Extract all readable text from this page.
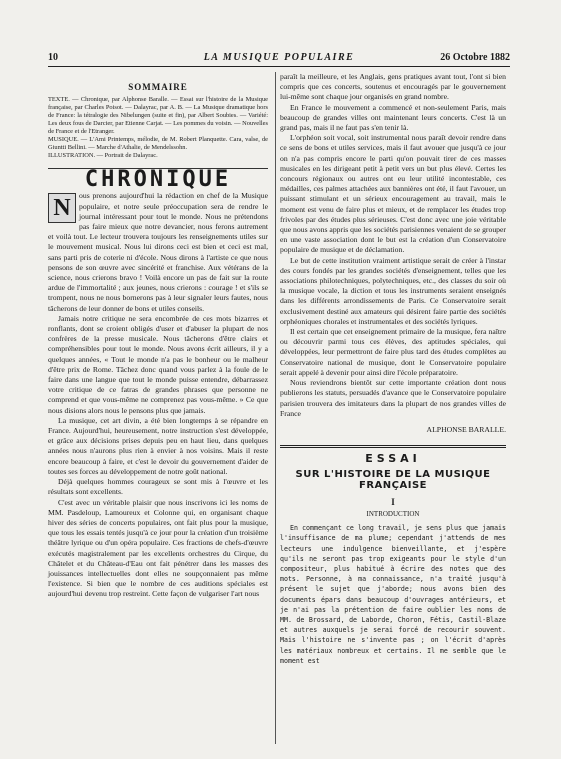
10	LA MUSIQUE POPULAIRE	26 Octobre 1882
SOMMAIRE

TEXTE. — Chronique, par Alphonse Baralle. — Essai sur l'histoire de la Musique française, par Charles Poisot. — Dalayrac, par A. B. — La Musique dramatique hors de France: la tétralogie des Nibelungen (suite et fin), par Albert Soubies. — Variété: Les deux fous de Darcier, par Etienne Carjat. — Les pommes du voisin. — Nouvelles de France et de l'Etranger.

MUSIQUE. — L'Ami Printemps, mélodie, de M. Robert Planquette. Cara, valse, de Giuntti Bellini. — Marche d'Athalie, de Mendelssohn.

ILLUSTRATION. — Portrait de Dalayrac.

CHRONIQUE

N	ous prenons aujourd'hui la rédaction en chef de la Musique populaire, et notre seule préoccupation sera de rendre le journal intéressant pour tout le monde. Nous ne prétendons pas faire mieux que notre devancier, nous ferons autrement et voilà tout. Le lecteur trouvera toujours les renseignements utiles sur le mouvement musical. Nous lui dirons ceci est bien et ceci est mal, sans parti pris de coterie ni d'école. Nous dirons à l'artiste ce que nous pensons de son œuvre avec sincérité et franchise. Aux vétérans de la science, nous crierons bravo ! Voilà encore un pas de fait sur la route ardue de l'immortalité ; aux jeunes, nous crierons : courage ! et s'ils se trompent, nous ne nous bornerons pas à leur signaler leurs fautes, nous tâcherons de leur donner de bons et utiles conseils.

Jamais notre critique ne sera encombrée de ces mots bizarres et ronflants, dont se croient obligés d'user et d'abuser la plupart de nos confrères de la presse musicale. Nous tâcherons d'être clairs et compréhensibles pour tout le monde. Nous avons écrit ailleurs, il y a quelques années, « Tout le monde n'a pas le bonheur ou le malheur d'être prix de Rome. Tâchez donc quand vous parlez à la foule de le faire dans une langue que tout le monde puisse entendre, débarrassez votre critique de ce fatras de grandes phrases que personne ne comprend et que vous-même ne comprenez pas vous-même. » Ce que nous disions alors nous le pensons plus que jamais.

La musique, cet art divin, a été bien longtemps à se répandre en France. Aujourd'hui, heureusement, notre instruction s'est développée, et grâce aux décisions prises depuis peu en haut lieu, dans quelques années nous n'aurons plus rien à envier à nos voisins. Mais il reste encore beaucoup à faire, et c'est le devoir du gouvernement d'aider de toutes ses forces au développement de notre goût national.

Déjà quelques hommes courageux se sont mis à l'œuvre et les résultats sont excellents.

C'est avec un véritable plaisir que nous inscrivons ici les noms de MM. Pasdeloup, Lamoureux et Colonne qui, en organisant chaque hiver des séries de concerts populaires, ont fait plus pour la musique, que tous les essais tentés jusqu'à ce jour pour la création d'un troisième théâtre lyrique ou d'un opéra populaire. Ces fractions de chefs-d'œuvre exécutés magistralement par les excellents orchestres du Cirque, du Châtelet et du Château-d'Eau ont fait pénétrer dans les masses des jouissances intellectuelles dont elles ne soupçonnaient pas même l'existence. Si bien que le nombre de ces auditions spéciales est aujourd'hui devenu trop restreint. Cette façon de vulgariser l'art nous

paraît la meilleure, et les Anglais, gens pratiques avant tout, l'ont si bien compris que ces concerts, soutenus et encouragés par le gouvernement lui-même sont chaque jour organisés en grand nombre.

En France le mouvement a commencé et non-seulement Paris, mais beaucoup de grandes villes ont maintenant leurs concerts. C'est là un grand pas, mais il ne faut pas s'en tenir là.

L'orphéon soit vocal, soit instrumental nous paraît devoir rendre dans ce sens de bons et utiles services, mais il faut avouer que jusqu'à ce jour on n'a pas compris encore le parti qu'on pouvait tirer de ces masses musicales en les dirigeant petit à petit vers un but plus élevé. Certes les concours régionaux ou autres ont eu leur utilité incontestable, ces médailles, ces palmes attachées aux bannières ont été, il faut l'avouer, un puissant stimulant et un sérieux encouragement au travail, mais le moment est venu de faire plus et mieux, et de remplacer les études trop frivoles par des études plus sérieuses. C'est donc avec une joie véritable que nous avons appris que les sociétés parisiennes venaient de se grouper en une vaste association dont le but est la création d'un Conservatoire populaire de musique et de déclamation.

Le but de cette institution vraiment artistique serait de créer à l'instar des cours fondés par les grandes sociétés d'enseignement, telles que les associations philotechniques, polytechniques, etc., des classes du soir où la musique vocale, la diction et tous les instruments seraient enseignés dans les différents arrondissements de Paris. Ce Conservatoire serait exclusivement destiné aux amateurs qui désirent faire partie des sociétés orphéoniques chorales et instrumentales et des sociétés lyriques.

Il est certain que cet enseignement primaire de la musique, fera naître ou découvrir parmi tous ces élèves, des aptitudes spéciales, qui développées, leur permettront de faire plus tard des études complètes au Conservatoire national de musique, dont le Conservatoire populaire serait appelé à devenir pour ainsi dire l'école préparatoire.

Nous reviendrons bientôt sur cette importante création dont nous publierons les statuts, persuadés d'avance que le Conservatoire populaire parisien trouvera des imitateurs dans la plupart de nos grandes villes de France

ALPHONSE BARALLE.
ESSAI
SUR L'HISTOIRE DE LA MUSIQUE FRANÇAISE
I
INTRODUCTION

En commençant ce long travail, je sens plus que jamais l'insuffisance de ma plume; cependant j'attends de mes lecteurs une indulgence bienveillante, et j'espère qu'ils ne seront pas trop exigeants pour le style d'un compositeur, plus habitué à écrire des notes que des mots. Personne, à ma connaissance, n'a traité jusqu'à présent le sujet que j'aborde; nous avons bien des documents épars dans beaucoup d'ouvrages antérieurs, et je n'ai pas la prétention de faire oublier les noms de MM. de Brossard, de Laborde, Choron, Fétis, Castil-Blaze et autres auxquels je serai forcé de recourir souvent. Mais l'histoire ne s'invente pas ; on l'écrit d'après les matériaux nombreux et certains. Il me semble que le moment est
